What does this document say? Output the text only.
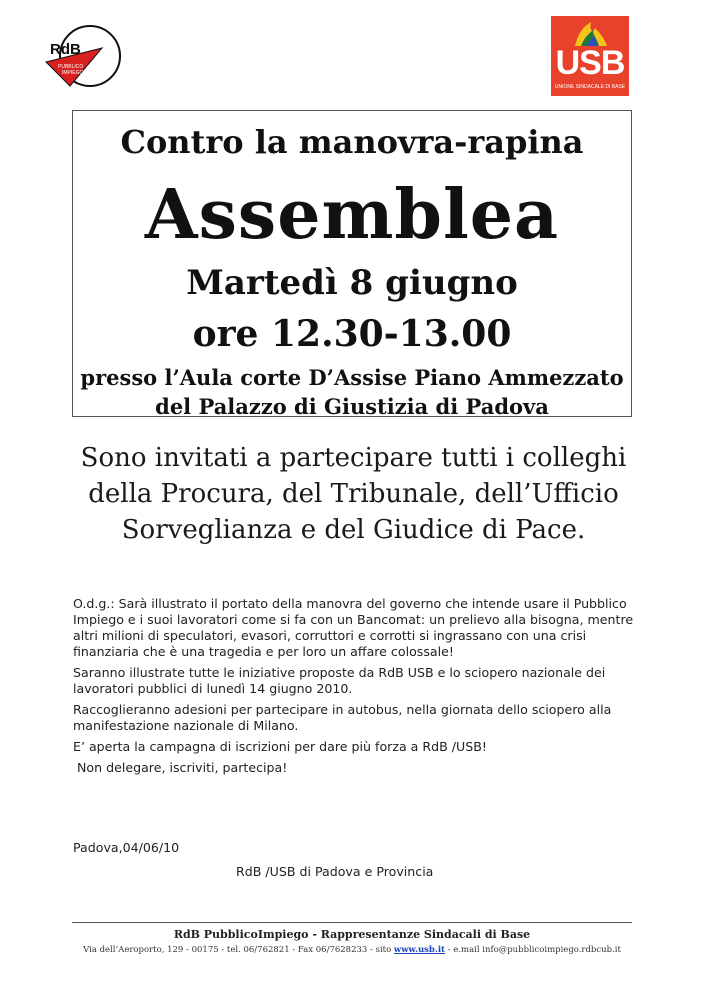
RdB
PUBBLICO
IMPIEGO	USB
UNIONE SINDACALE DI BASE
Contro la manovra-rapina
Assemblea
Martedì 8 giugno
ore 12.30-13.00
presso l’Aula corte D’Assise Piano Ammezzato
del Palazzo di Giustizia di Padova
Sono invitati a partecipare tutti i colleghi
della Procura, del Tribunale, dell’Ufficio
Sorveglianza e del Giudice di Pace.

O.d.g.: Sarà illustrato il portato della manovra del governo che intende usare il Pubblico Impiego e i suoi lavoratori come si fa con un Bancomat: un prelievo alla bisogna, mentre altri milioni di speculatori, evasori, corruttori e corrotti si ingrassano con una crisi finanziaria che è una tragedia e per loro un affare colossale!

Saranno illustrate tutte le iniziative proposte da RdB USB e lo sciopero nazionale dei lavoratori pubblici di lunedì 14 giugno 2010.

Raccoglieranno adesioni per partecipare in autobus, nella giornata dello sciopero alla manifestazione nazionale di Milano.

E’ aperta la campagna di iscrizioni per dare più forza a RdB /USB!

Non delegare, iscriviti, partecipa!

Padova,04/06/10
RdB /USB di Padova e Provincia
RdB PubblicoImpiego - Rappresentanze Sindacali di Base
Via dell’Aeroporto, 129 - 00175 - tel. 06/762821 - Fax 06/7628233 - sito www.usb.it - e.mail info@pubblicoimpiego.rdbcub.it
